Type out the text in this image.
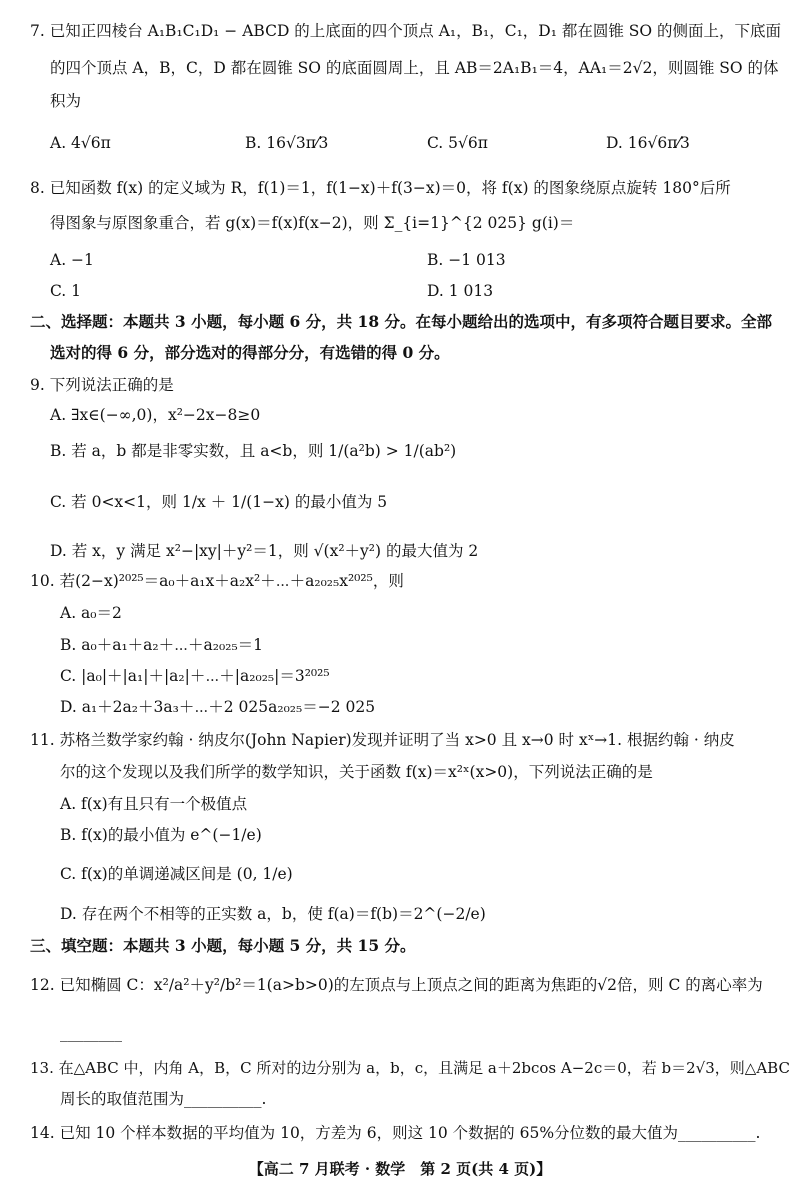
7. 已知正四棱台 A₁B₁C₁D₁ − ABCD 的上底面的四个顶点 A₁，B₁，C₁，D₁ 都在圆锥 SO 的侧面上，下底面
的四个顶点 A，B，C，D 都在圆锥 SO 的底面圆周上，且 AB＝2A₁B₁＝4，AA₁＝2√2，则圆锥 SO 的体
积为
A. 4√6π	B. 16√3π⁄3	C. 5√6π	D. 16√6π⁄3
8. 已知函数 f(x) 的定义域为 R，f(1)＝1，f(1−x)＋f(3−x)＝0，将 f(x) 的图象绕原点旋转 180°后所
得图象与原图象重合，若 g(x)＝f(x)f(x−2)，则 Σ_{i=1}^{2 025} g(i)＝
A. −1	B. −1 013
C. 1	D. 1 013
二、选择题：本题共 3 小题，每小题 6 分，共 18 分。在每小题给出的选项中，有多项符合题目要求。全部
选对的得 6 分，部分选对的得部分分，有选错的得 0 分。
9. 下列说法正确的是
A. ∃x∈(−∞,0)，x²−2x−8≥0
B. 若 a，b 都是非零实数，且 a<b，则 1/(a²b) > 1/(ab²)
C. 若 0<x<1，则 1/x ＋ 1/(1−x) 的最小值为 5
D. 若 x，y 满足 x²−|xy|＋y²＝1，则 √(x²＋y²) 的最大值为 2
10. 若(2−x)²⁰²⁵＝a₀＋a₁x＋a₂x²＋⋯＋a₂₀₂₅x²⁰²⁵，则
A. a₀＝2
B. a₀＋a₁＋a₂＋⋯＋a₂₀₂₅＝1
C. |a₀|＋|a₁|＋|a₂|＋⋯＋|a₂₀₂₅|＝3²⁰²⁵
D. a₁＋2a₂＋3a₃＋⋯＋2 025a₂₀₂₅＝−2 025
11. 苏格兰数学家约翰 · 纳皮尔(John Napier)发现并证明了当 x>0 且 x→0 时 xˣ→1. 根据约翰 · 纳皮
尔的这个发现以及我们所学的数学知识，关于函数 f(x)＝x²ˣ(x>0)，下列说法正确的是
A. f(x)有且只有一个极值点
B. f(x)的最小值为 e^(−1/e)
C. f(x)的单调递减区间是 (0, 1/e)
D. 存在两个不相等的正实数 a，b，使 f(a)＝f(b)＝2^(−2/e)
三、填空题：本题共 3 小题，每小题 5 分，共 15 分。
12. 已知椭圆 C：x²/a²＋y²/b²＝1(a>b>0)的左顶点与上顶点之间的距离为焦距的√2倍，则 C 的离心率为
________
13. 在△ABC 中，内角 A，B，C 所对的边分别为 a，b，c，且满足 a＋2bcos A−2c＝0，若 b＝2√3，则△ABC
周长的取值范围为__________.
14. 已知 10 个样本数据的平均值为 10，方差为 6，则这 10 个数据的 65%分位数的最大值为__________.
【高二 7 月联考 · 数学　第 2 页(共 4 页)】
